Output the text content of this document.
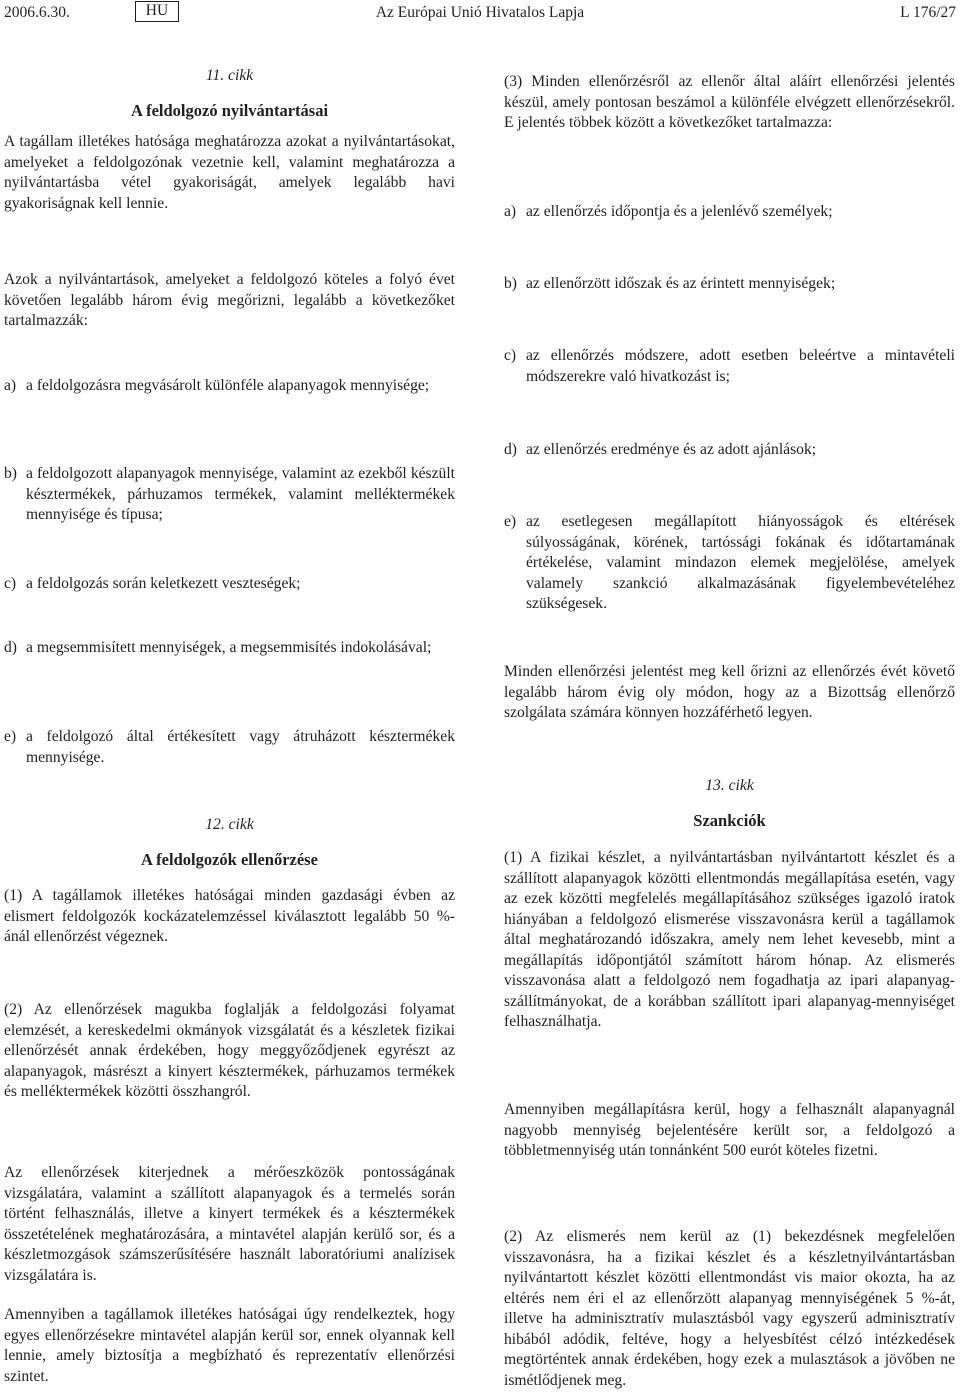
2006.6.30.	HU	Az Európai Unió Hivatalos Lapja	L 176/27

11. cikk

A feldolgozó nyilvántartásai

A tagállam illetékes hatósága meghatározza azokat a nyilvántartásokat, amelyeket a feldolgozónak vezetnie kell, valamint meghatározza a nyilvántartásba vétel gyakoriságát, amelyek legalább havi gyakoriságnak kell lennie.

Azok a nyilvántartások, amelyeket a feldolgozó köteles a folyó évet követően legalább három évig megőrizni, legalább a következőket tartalmazzák:

a) a feldolgozásra megvásárolt különféle alapanyagok mennyisége;
b) a feldolgozott alapanyagok mennyisége, valamint az ezekből készült késztermékek, párhuzamos termékek, valamint melléktermékek mennyisége és típusa;
c) a feldolgozás során keletkezett veszteségek;
d) a megsemmisített mennyiségek, a megsemmisítés indokolásával;
e) a feldolgozó által értékesített vagy átruházott késztermékek mennyisége.

12. cikk

A feldolgozók ellenőrzése

(1) A tagállamok illetékes hatóságai minden gazdasági évben az elismert feldolgozók kockázatelemzéssel kiválasztott legalább 50 %-ánál ellenőrzést végeznek.

(2) Az ellenőrzések magukba foglalják a feldolgozási folyamat elemzését, a kereskedelmi okmányok vizsgálatát és a készletek fizikai ellenőrzését annak érdekében, hogy meggyőződjenek egyrészt az alapanyagok, másrészt a kinyert késztermékek, párhuzamos termékek és melléktermékek közötti összhangról.

Az ellenőrzések kiterjednek a mérőeszközök pontosságának vizsgálatára, valamint a szállított alapanyagok és a termelés során történt felhasználás, illetve a kinyert termékek és a késztermékek összetételének meghatározására, a mintavétel alapján kerülő sor, és a készletmozgások számszerűsítésére használt laboratóriumi analízisek vizsgálatára is.

Amennyiben a tagállamok illetékes hatóságai úgy rendelkeztek, hogy egyes ellenőrzésekre mintavétel alapján kerül sor, ennek olyannak kell lennie, amely biztosítja a megbízható és reprezentatív ellenőrzési szintet.

(3) Minden ellenőrzésről az ellenőr által aláírt ellenőrzési jelentés készül, amely pontosan beszámol a különféle elvégzett ellenőrzésekről. E jelentés többek között a következőket tartalmazza:

a) az ellenőrzés időpontja és a jelenlévő személyek;
b) az ellenőrzött időszak és az érintett mennyiségek;
c) az ellenőrzés módszere, adott esetben beleértve a mintavételi módszerekre való hivatkozást is;
d) az ellenőrzés eredménye és az adott ajánlások;
e) az esetlegesen megállapított hiányosságok és eltérések súlyosságának, körének, tartóssági fokának és időtartamának értékelése, valamint mindazon elemek megjelölése, amelyek valamely szankció alkalmazásának figyelembevételéhez szükségesek.

Minden ellenőrzési jelentést meg kell őrizni az ellenőrzés évét követő legalább három évig oly módon, hogy az a Bizottság ellenőrző szolgálata számára könnyen hozzáférhető legyen.

13. cikk

Szankciók

(1) A fizikai készlet, a nyilvántartásban nyilvántartott készlet és a szállított alapanyagok közötti ellentmondás megállapítása esetén, vagy az ezek közötti megfelelés megállapításához szükséges igazoló iratok hiányában a feldolgozó elismerése visszavonásra kerül a tagállamok által meghatározandó időszakra, amely nem lehet kevesebb, mint a megállapítás időpontjától számított három hónap. Az elismerés visszavonása alatt a feldolgozó nem fogadhatja az ipari alapanyag-szállítmányokat, de a korábban szállított ipari alapanyag-mennyiséget felhasználhatja.

Amennyiben megállapításra kerül, hogy a felhasznált alapanyagnál nagyobb mennyiség bejelentésére került sor, a feldolgozó a többletmennyiség után tonnánként 500 eurót köteles fizetni.

(2) Az elismerés nem kerül az (1) bekezdésnek megfelelően visszavonásra, ha a fizikai készlet és a készletnyilvántartásban nyilvántartott készlet közötti ellentmondást vis maior okozta, ha az eltérés nem éri el az ellenőrzött alapanyag mennyiségének 5 %-át, illetve ha adminisztratív mulasztásból vagy egyszerű adminisztratív hibából adódik, feltéve, hogy a helyesbítést célzó intézkedések megtörténtek annak érdekében, hogy ezek a mulasztások a jövőben ne ismétlődjenek meg.
